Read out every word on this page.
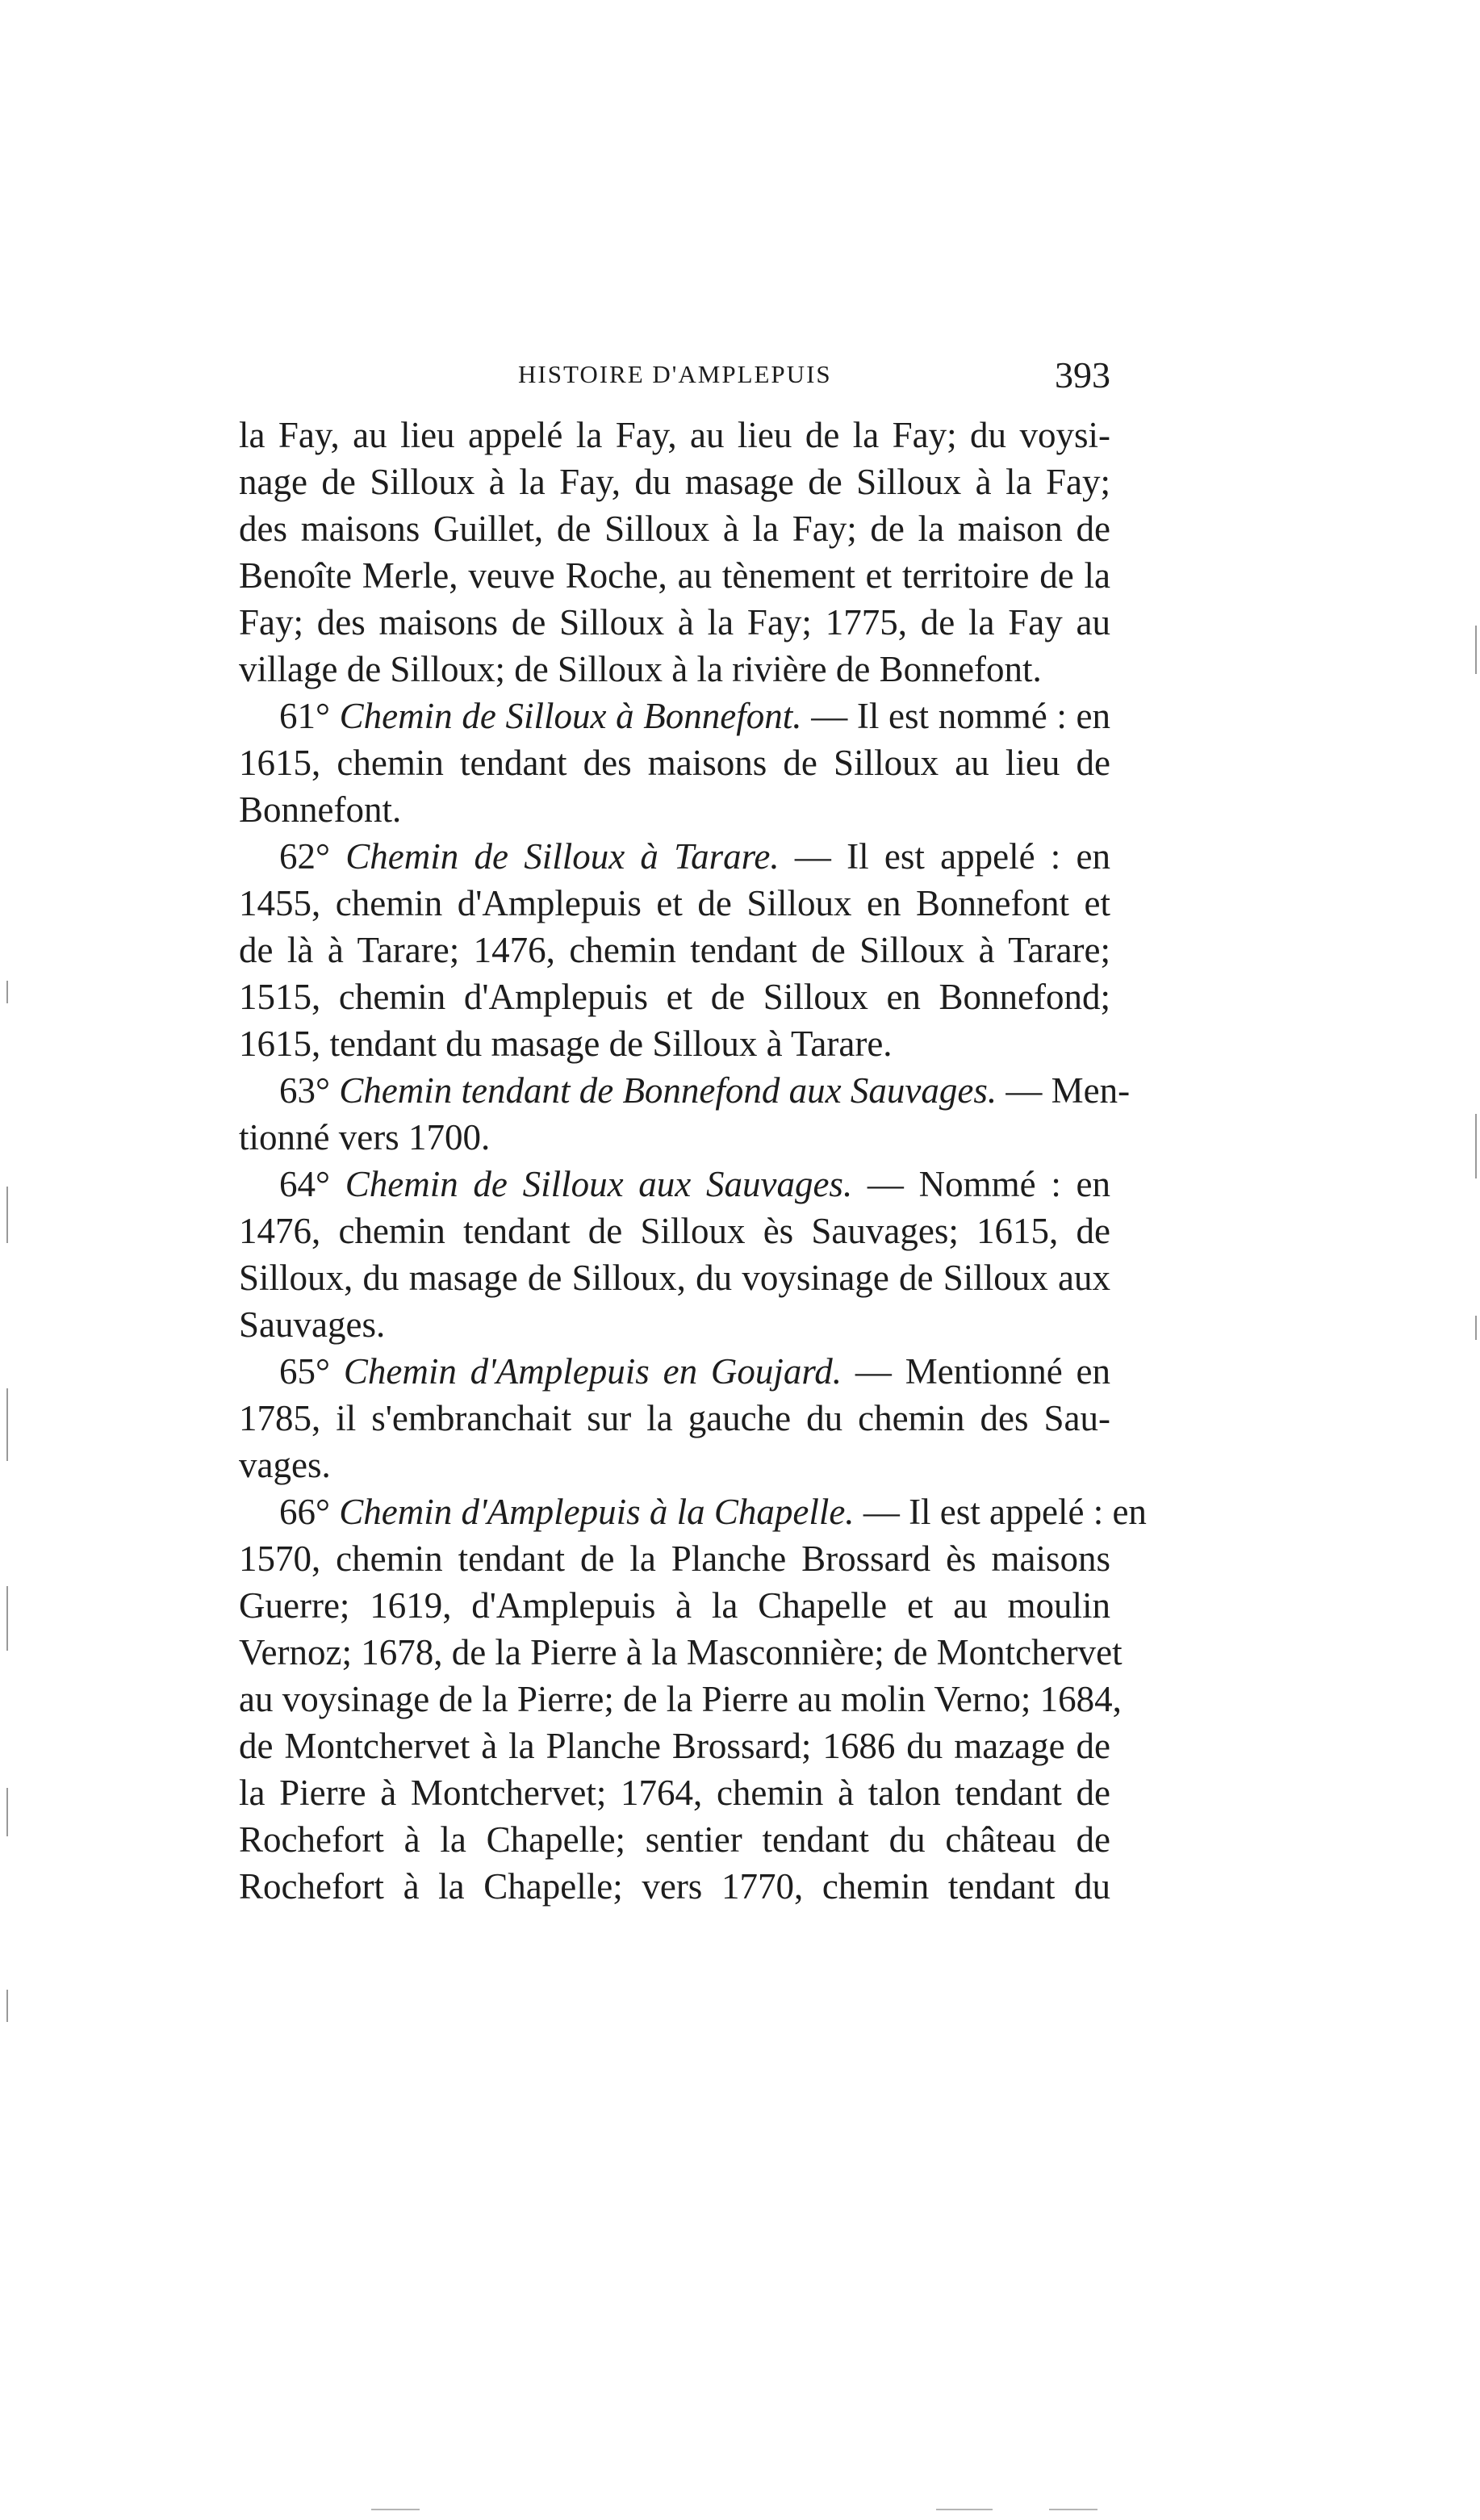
HISTOIRE D'AMPLEPUIS	393
la Fay, au lieu appelé la Fay, au lieu de la Fay; du voysi-
nage de Silloux à la Fay, du masage de Silloux à la Fay;
des maisons Guillet, de Silloux à la Fay; de la maison de
Benoîte Merle, veuve Roche, au tènement et territoire de la
Fay; des maisons de Silloux à la Fay; 1775, de la Fay au
village de Silloux; de Silloux à la rivière de Bonnefont.
61° Chemin de Silloux à Bonnefont. — Il est nommé : en
1615, chemin tendant des maisons de Silloux au lieu de
Bonnefont.
62° Chemin de Silloux à Tarare. — Il est appelé : en
1455, chemin d'Amplepuis et de Silloux en Bonnefont et
de là à Tarare; 1476, chemin tendant de Silloux à Tarare;
1515, chemin d'Amplepuis et de Silloux en Bonnefond;
1615, tendant du masage de Silloux à Tarare.
63° Chemin tendant de Bonnefond aux Sauvages. — Men-
tionné vers 1700.
64° Chemin de Silloux aux Sauvages. — Nommé : en
1476, chemin tendant de Silloux ès Sauvages; 1615, de
Silloux, du masage de Silloux, du voysinage de Silloux aux
Sauvages.
65° Chemin d'Amplepuis en Goujard. — Mentionné en
1785, il s'embranchait sur la gauche du chemin des Sau-
vages.
66° Chemin d'Amplepuis à la Chapelle. — Il est appelé : en
1570, chemin tendant de la Planche Brossard ès maisons
Guerre; 1619, d'Amplepuis à la Chapelle et au moulin
Vernoz; 1678, de la Pierre à la Masconnière; de Montchervet
au voysinage de la Pierre; de la Pierre au molin Verno; 1684,
de Montchervet à la Planche Brossard; 1686 du mazage de
la Pierre à Montchervet; 1764, chemin à talon tendant de
Rochefort à la Chapelle; sentier tendant du château de
Rochefort à la Chapelle; vers 1770, chemin tendant du
